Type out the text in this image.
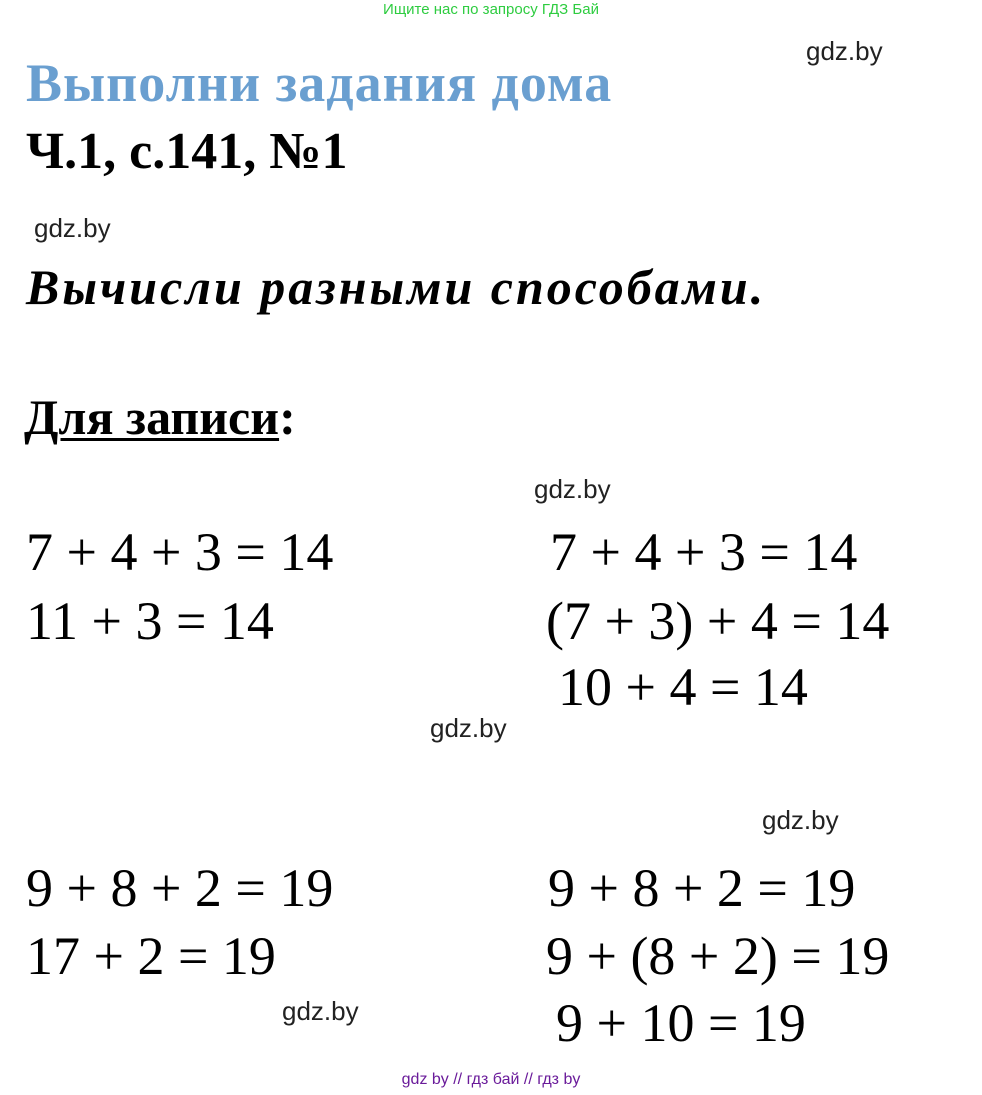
Ищите нас по запросу ГДЗ Бай
gdz.by
Выполни задания дома
Ч.1, с.141, №1
gdz.by
Вычисли разными способами.
Для записи:
gdz.by
7 + 4 + 3 = 14
11 + 3 = 14
7 + 4 + 3 = 14
(7 + 3) + 4 = 14
10 + 4 = 14
gdz.by
gdz.by
9 + 8 + 2 = 19
17 + 2 = 19
9 + 8 + 2 = 19
9 + (8 + 2) = 19
9 + 10 = 19
gdz.by
gdz by // гдз бай // гдз by
